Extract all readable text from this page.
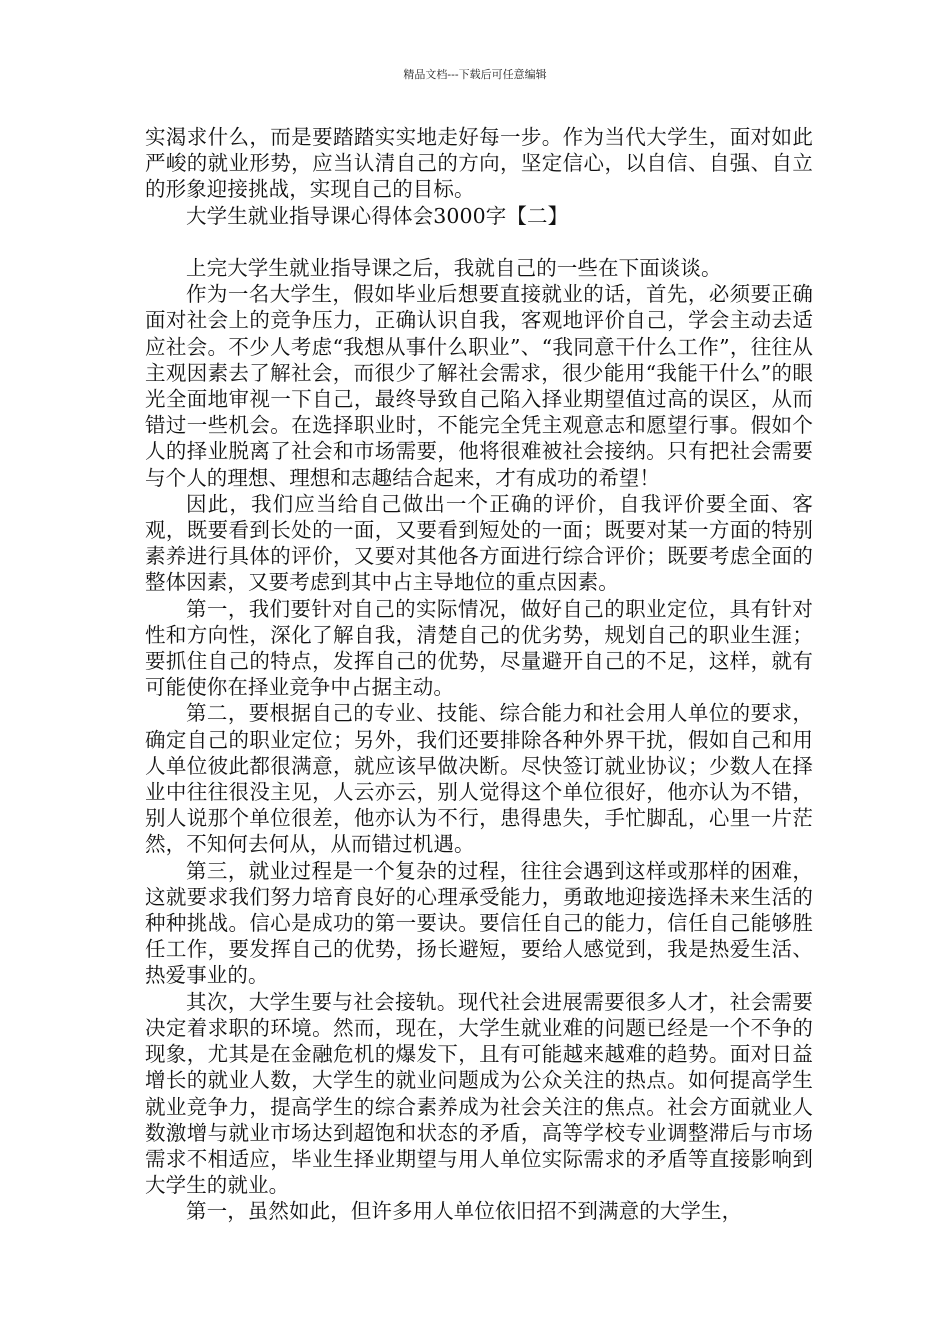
精品文档---下载后可任意编辑

实渴求什么，而是要踏踏实实地走好每一步。作为当代大学生，面对如此严峻的就业形势，应当认清自己的方向，坚定信心，以自信、自强、自立的形象迎接挑战，实现自己的目标。

大学生就业指导课心得体会3000字【二】

上完大学生就业指导课之后，我就自己的一些在下面谈谈。

作为一名大学生，假如毕业后想要直接就业的话，首先，必须要正确面对社会上的竞争压力，正确认识自我，客观地评价自己，学会主动去适应社会。不少人考虑“我想从事什么职业”、“我同意干什么工作”，往往从主观因素去了解社会，而很少了解社会需求，很少能用“我能干什么”的眼光全面地审视一下自己，最终导致自己陷入择业期望值过高的误区，从而错过一些机会。在选择职业时，不能完全凭主观意志和愿望行事。假如个人的择业脱离了社会和市场需要，他将很难被社会接纳。只有把社会需要与个人的理想、理想和志趣结合起来，才有成功的希望！

因此，我们应当给自己做出一个正确的评价，自我评价要全面、客观，既要看到长处的一面，又要看到短处的一面；既要对某一方面的特别素养进行具体的评价，又要对其他各方面进行综合评价；既要考虑全面的整体因素，又要考虑到其中占主导地位的重点因素。

第一，我们要针对自己的实际情况，做好自己的职业定位，具有针对性和方向性，深化了解自我，清楚自己的优劣势，规划自己的职业生涯；要抓住自己的特点，发挥自己的优势，尽量避开自己的不足，这样，就有可能使你在择业竞争中占据主动。

第二，要根据自己的专业、技能、综合能力和社会用人单位的要求，确定自己的职业定位；另外，我们还要排除各种外界干扰，假如自己和用人单位彼此都很满意，就应该早做决断。尽快签订就业协议；少数人在择业中往往很没主见，人云亦云，别人觉得这个单位很好，他亦认为不错，别人说那个单位很差，他亦认为不行，患得患失，手忙脚乱，心里一片茫然，不知何去何从，从而错过机遇。

第三，就业过程是一个复杂的过程，往往会遇到这样或那样的困难，这就要求我们努力培育良好的心理承受能力，勇敢地迎接选择未来生活的种种挑战。信心是成功的第一要诀。要信任自己的能力，信任自己能够胜任工作，要发挥自己的优势，扬长避短，要给人感觉到，我是热爱生活、热爱事业的。

其次，大学生要与社会接轨。现代社会进展需要很多人才，社会需要决定着求职的环境。然而，现在，大学生就业难的问题已经是一个不争的现象，尤其是在金融危机的爆发下，且有可能越来越难的趋势。面对日益增长的就业人数，大学生的就业问题成为公众关注的热点。如何提高学生就业竞争力，提高学生的综合素养成为社会关注的焦点。社会方面就业人数激增与就业市场达到超饱和状态的矛盾，高等学校专业调整滞后与市场需求不相适应，毕业生择业期望与用人单位实际需求的矛盾等直接影响到大学生的就业。

第一，虽然如此，但许多用人单位依旧招不到满意的大学生，
